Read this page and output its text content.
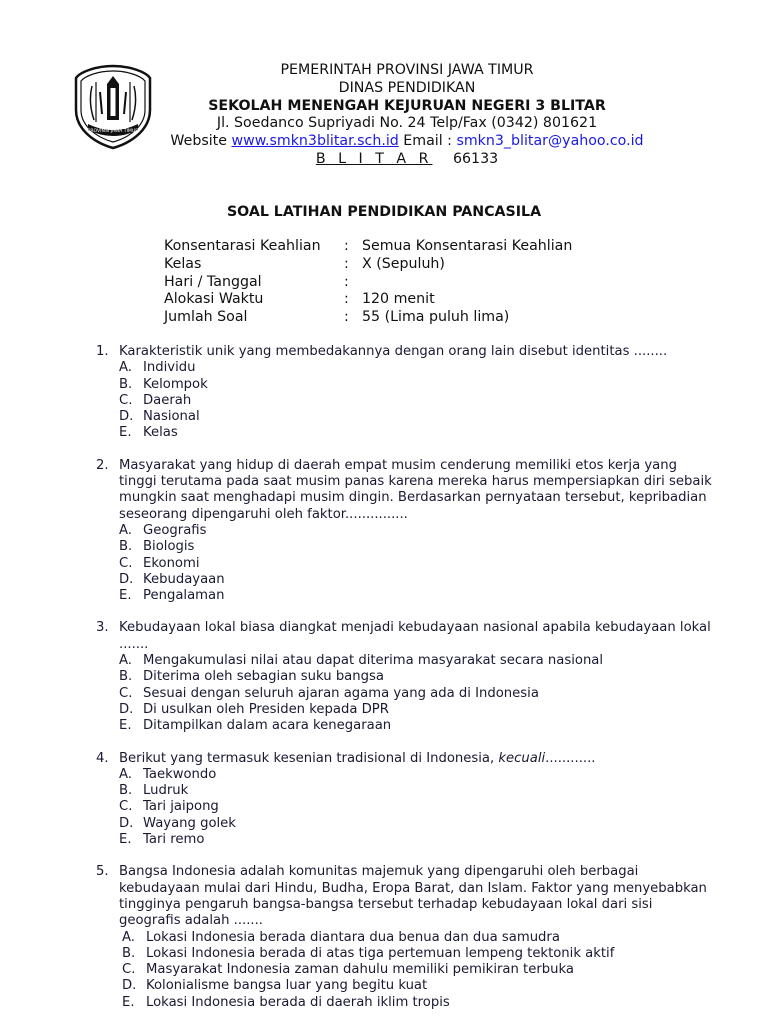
PROVINSI JAWA TIMUR
PEMERINTAH PROVINSI JAWA TIMUR
DINAS PENDIDIKAN
SEKOLAH MENENGAH KEJURUAN NEGERI 3 BLITAR
Jl. Soedanco Supriyadi No. 24 Telp/Fax (0342) 801621
Website www.smkn3blitar.sch.id Email : smkn3_blitar@yahoo.co.id
B L I T A R 66133
SOAL LATIHAN PENDIDIKAN PANCASILA
Konsentarasi Keahlian	: Semua Konsentarasi Keahlian
Kelas	: X (Sepuluh)
Hari / Tanggal	:
Alokasi Waktu	: 120 menit
Jumlah Soal	: 55 (Lima puluh lima)
1. Karakteristik unik yang membedakannya dengan orang lain disebut identitas ........
A. Individu
B. Kelompok
C. Daerah
D. Nasional
E. Kelas
2. Masyarakat yang hidup di daerah empat musim cenderung memiliki etos kerja yang tinggi terutama pada saat musim panas karena mereka harus mempersiapkan diri sebaik mungkin saat menghadapi musim dingin. Berdasarkan pernyataan tersebut, kepribadian seseorang dipengaruhi oleh faktor...............
A. Geografis
B. Biologis
C. Ekonomi
D. Kebudayaan
E. Pengalaman
3. Kebudayaan lokal biasa diangkat menjadi kebudayaan nasional apabila kebudayaan lokal .......
A. Mengakumulasi nilai atau dapat diterima masyarakat secara nasional
B. Diterima oleh sebagian suku bangsa
C. Sesuai dengan seluruh ajaran agama yang ada di Indonesia
D. Di usulkan oleh Presiden kepada DPR
E. Ditampilkan dalam acara kenegaraan
4. Berikut yang termasuk kesenian tradisional di Indonesia, kecuali............
A. Taekwondo
B. Ludruk
C. Tari jaipong
D. Wayang golek
E. Tari remo
5. Bangsa Indonesia adalah komunitas majemuk yang dipengaruhi oleh berbagai kebudayaan mulai dari Hindu, Budha, Eropa Barat, dan Islam. Faktor yang menyebabkan tingginya pengaruh bangsa-bangsa tersebut terhadap kebudayaan lokal dari sisi geografis adalah .......
A. Lokasi Indonesia berada diantara dua benua dan dua samudra
B. Lokasi Indonesia berada di atas tiga pertemuan lempeng tektonik aktif
C. Masyarakat Indonesia zaman dahulu memiliki pemikiran terbuka
D. Kolonialisme bangsa luar yang begitu kuat
E. Lokasi Indonesia berada di daerah iklim tropis
